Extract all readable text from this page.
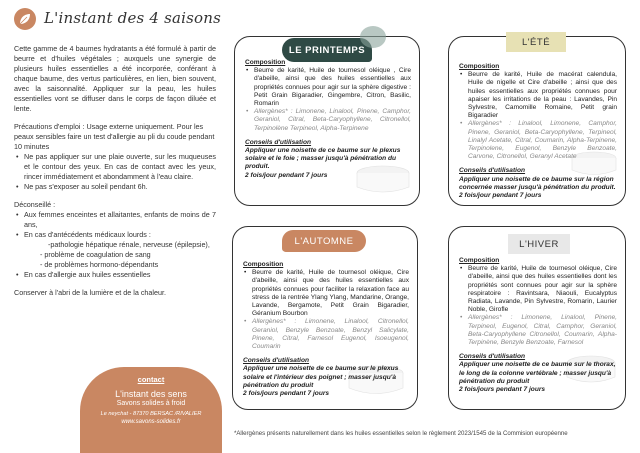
L'instant des 4 saisons

Cette gamme de 4 baumes hydratants a été formulé à partir de beurre et d'huiles végétales ; auxquels une synergie de plusieurs huiles essentielles a été incorporée, conférant à chaque baume, des vertus particulières, en lien, bien souvent, avec la saisonnalité. Appliquer sur la peau, les huiles essentielles vont se diffuser dans le corps de façon diluée et lente.

Précautions d'emploi : Usage externe uniquement. Pour les peaux sensibles faire un test d'allergie au pli du coude pendant 10 minutes

• Ne pas appliquer sur une plaie ouverte, sur les muqueuses et le contour des yeux. En cas de contact avec les yeux, rincer immédiatement et abondamment à l'eau claire.
• Ne pas s'exposer au soleil pendant 6h.

Déconseillé :

• Aux femmes enceintes et allaitantes, enfants de moins de 7 ans,
• En cas d'antécédents médicaux lourds :

-pathologie hépatique rénale, nerveuse (épilepsie),

- problème de coagulation de sang

- de problèmes hormono-dépendants

• En cas d'allergie aux huiles essentielles

Conserver à l'abri de la lumière et de la chaleur.

contact
L'instant des sens
Savons solides à froid
Le neychat - 87370 BERSAC /RIVALIER
www.savons-solides.fr
Composition
• Beurre de karité, Huile de tournesol oléique , Cire d'abeille, ainsi que des huiles essentielles aux propriétés connues pour agir sur la sphère digestive : Petit Grain Bigaradier, Gingembre, Citron, Basilic, Romarin
• Allergènes* : Limonene, Linalool, Pinene, Camphor, Geraniol, Citral, Beta-Caryophyllene, Citronellol, Terpinolène Terpineol, Alpha-Terpinene
Conseils d'utilisation
Appliquer une noisette de ce baume sur le plexus solaire et le foie ; masser jusqu'à pénétration du produit.
2 fois/jour pendant 7 jours
LE PRINTEMPS
Composition
• Beurre de karité, Huile de macérat calendula, Huile de nigelle et Cire d'abeille ; ainsi que des huiles essentielles aux propriétés connues pour apaiser les irritations de la peau : Lavandes, Pin Sylvestre, Camomille Romaine, Petit grain Bigaradier
• Allergènes* : Linalool, Limonene, Camphor, Pinene, Geraniol, Beta-Caryophyllene, Terpineol, Linalyl Acetate, Citral, Coumarin, Alpha-Terpinene, Terpinolene, Eugenol, Benzyle Benzoate, Carvone, Citronellol, Geranyl Acetate
Conseils d'utilisation
Appliquer une noisette de ce baume sur la région concernée masser jusqu'à pénétration du produit.
2 fois/jour pendant 7 jours
L'ÉTÉ
Composition
• Beurre de karité, Huile de tournesol oléique, Cire d'abeille, ainsi que des huiles essentielles aux propriétés connues pour faciliter la relaxation face au stress de la rentrée Ylang Ylang, Mandarine, Orange, Lavande, Bergamote, Petit Grain Bigaradier, Géranium Bourbon
• Allergènes* : Limonene, Linalool, Citronellol, Geraniol, Benzyle Benzoate, Benzyl Salicylate, Pinene, Citral, Farnesol Eugenol, Isoeugenol, Coumarin
Conseils d'utilisation
Appliquer une noisette de ce baume sur le plexus solaire et l'intérieur des poignet ; masser jusqu'à pénétration du produit
2 fois/jours pendant 7 jours
L'AUTOMNE
Composition
• Beurre de karité, Huile de tournesol oléique, Cire d'abeille, ainsi que des huiles essentielles dont les propriétés sont connues pour agir sur la sphère respiratoire : Ravintsara, Niaouli, Eucalyptus Radiata, Lavande, Pin Sylvestre, Romarin, Laurier Noble, Girofle
• Allergènes* : Limonene, Linalool, Pinene, Terpineol, Eugenol, Citral, Camphor, Geraniol, Beta-Caryophyllene Citronellol, Coumarin, Alpha-Terpinène, Benzyle Benzoate, Farnesol
Conseils d'utilisation
Appliquer une noisette de ce baume sur le thorax, le long de la colonne vertébrale ; masser jusqu'à pénétration du produit
2 fois/jours pendant 7 jours
L'HIVER
*Allergènes présents naturellement dans les huiles essentielles selon le règlement 2023/1545 de la Commision européenne
